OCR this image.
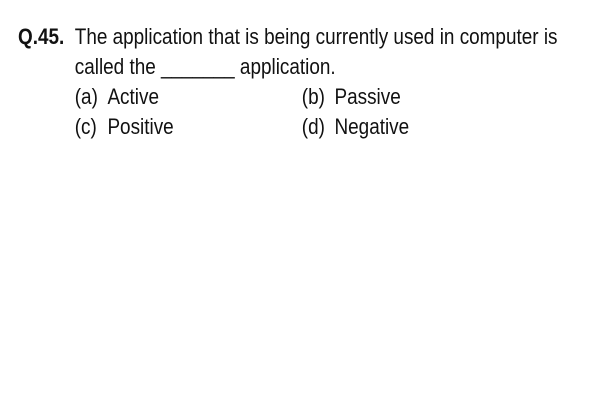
Q.45. The application that is being currently used in computer is
called the _______ application.
(a) Active	(b) Passive
(c) Positive	(d) Negative
